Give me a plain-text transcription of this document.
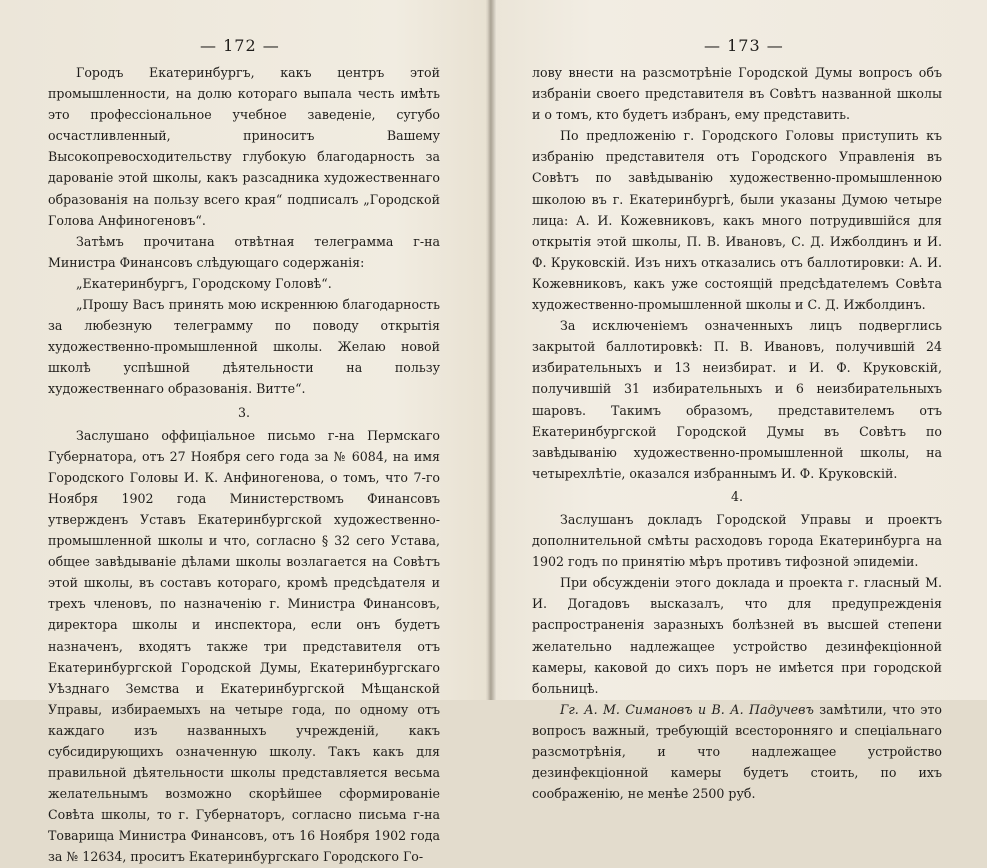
— 172 —

Городъ Екатеринбургъ, какъ центръ этой промышленности, на долю котораго выпала честь имѣть это профессіональное учебное заведеніе, сугубо осчастливленный, приноситъ Вашему Высокопревосходительству глубокую благодарность за дарованіе этой школы, какъ разсадника художественнаго образованія на пользу всего края“ подписалъ „Городской Голова Анфиногеновъ“.

Затѣмъ прочитана отвѣтная телеграмма г-на Министра Финансовъ слѣдующаго содержанія:

„Екатеринбургъ, Городскому Головѣ“.

„Прошу Васъ принять мою искреннюю благодарность за любезную телеграмму по поводу открытія художественно-промышленной школы. Желаю новой школѣ успѣшной дѣятельности на пользу художественнаго образованія. Витте“.

3.

Заслушано оффиціальное письмо г-на Пермскаго Губернатора, отъ 27 Ноября сего года за № 6084, на имя Городского Головы И. К. Анфиногенова, о томъ, что 7-го Ноября 1902 года Министерствомъ Финансовъ утвержденъ Уставъ Екатеринбургской художественно-промышленной школы и что, согласно § 32 сего Устава, общее завѣдываніе дѣлами школы возлагается на Совѣтъ этой школы, въ составъ котораго, кромѣ предсѣдателя и трехъ членовъ, по назначенію г. Министра Финансовъ, директора школы и инспектора, если онъ будетъ назначенъ, входятъ также три представителя отъ Екатеринбургской Городской Думы, Екатеринбургскаго Уѣзднаго Земства и Екатеринбургской Мѣщанской Управы, избираемыхъ на четыре года, по одному отъ каждаго изъ названныхъ учрежденій, какъ субсидирующихъ означенную школу. Такъ какъ для правильной дѣятельности школы представляется весьма желательнымъ возможно скорѣйшее сформированіе Совѣта школы, то г. Губернаторъ, согласно письма г-на Товарища Министра Финансовъ, отъ 16 Ноября 1902 года за № 12634, проситъ Екатеринбургскаго Городского Го-

— 173 —

лову внести на разсмотрѣніе Городской Думы вопросъ объ избраніи своего представителя въ Совѣтъ названной школы и о томъ, кто будетъ избранъ, ему представить.

По предложенію г. Городского Головы приступить къ избранію представителя отъ Городского Управленія въ Совѣтъ по завѣдыванію художественно-промышленною школою въ г. Екатеринбургѣ, были указаны Думою четыре лица: А. И. Кожевниковъ, какъ много потрудившійся для открытія этой школы, П. В. Ивановъ, С. Д. Ижболдинъ и И. Ф. Круковскій. Изъ нихъ отказались отъ баллотировки: А. И. Кожевниковъ, какъ уже состоящій предсѣдателемъ Совѣта художественно-промышленной школы и С. Д. Ижболдинъ.

За исключеніемъ означенныхъ лицъ подверглись закрытой баллотировкѣ: П. В. Ивановъ, получившій 24 избирательныхъ и 13 неизбират. и И. Ф. Круковскій, получившій 31 избирательныхъ и 6 неизбирательныхъ шаровъ. Такимъ образомъ, представителемъ отъ Екатеринбургской Городской Думы въ Совѣтъ по завѣдыванію художественно-промышленной школы, на четырехлѣтіе, оказался избраннымъ И. Ф. Круковскій.

4.

Заслушанъ докладъ Городской Управы и проектъ дополнительной смѣты расходовъ города Екатеринбурга на 1902 годъ по принятію мѣръ противъ тифозной эпидеміи.

При обсужденіи этого доклада и проекта г. гласный М. И. Догадовъ высказалъ, что для предупрежденія распространенія заразныхъ болѣзней въ высшей степени желательно надлежащее устройство дезинфекціонной камеры, каковой до сихъ поръ не имѣется при городской больницѣ.

Гг. А. М. Симановъ и В. А. Падучевъ замѣтили, что это вопросъ важный, требующій всесторонняго и спеціальнаго разсмотрѣнія, и что надлежащее устройство дезинфекціонной камеры будетъ стоить, по ихъ соображенію, не менѣе 2500 руб.
